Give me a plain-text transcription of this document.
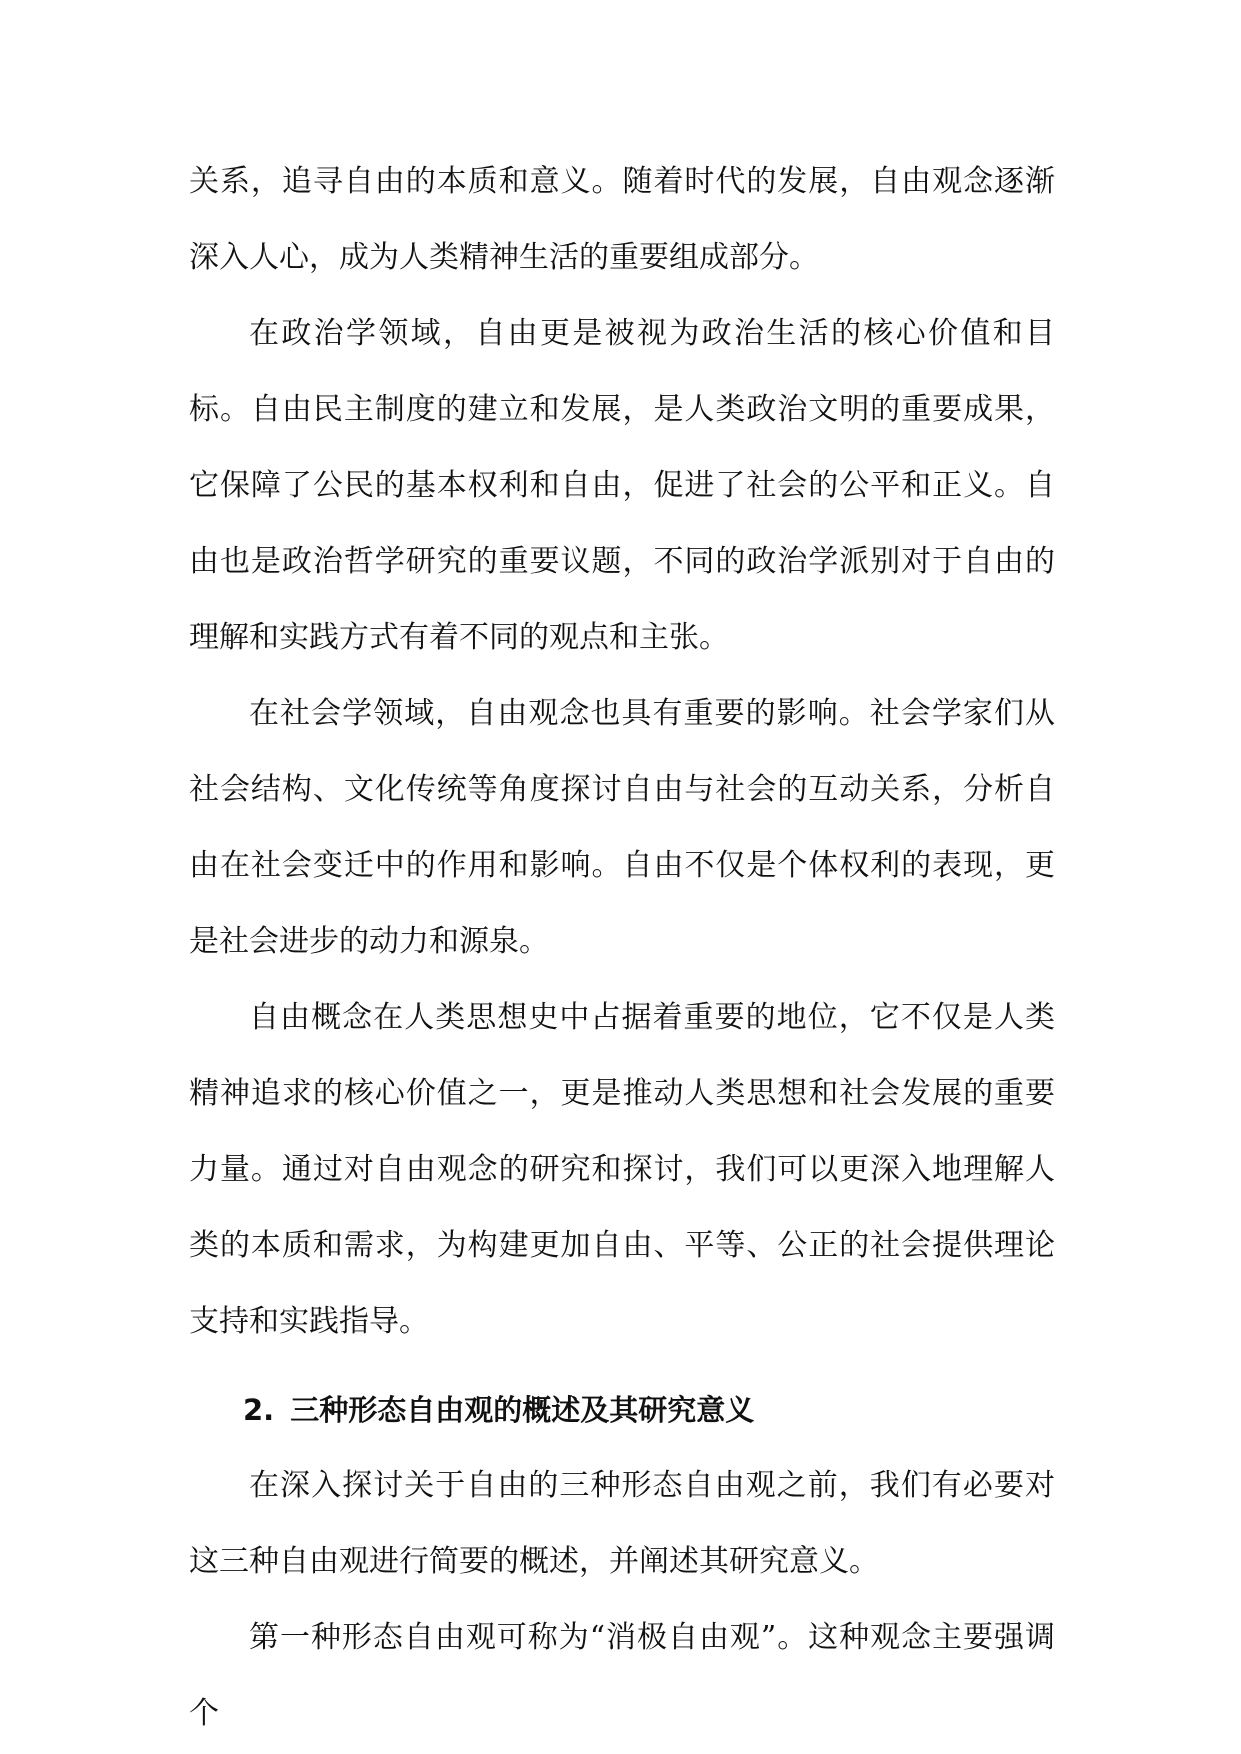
关系，追寻自由的本质和意义。随着时代的发展，自由观念逐渐深入人心，成为人类精神生活的重要组成部分。

在政治学领域，自由更是被视为政治生活的核心价值和目标。自由民主制度的建立和发展，是人类政治文明的重要成果，它保障了公民的基本权利和自由，促进了社会的公平和正义。自由也是政治哲学研究的重要议题，不同的政治学派别对于自由的理解和实践方式有着不同的观点和主张。

在社会学领域，自由观念也具有重要的影响。社会学家们从社会结构、文化传统等角度探讨自由与社会的互动关系，分析自由在社会变迁中的作用和影响。自由不仅是个体权利的表现，更是社会进步的动力和源泉。

自由概念在人类思想史中占据着重要的地位，它不仅是人类精神追求的核心价值之一，更是推动人类思想和社会发展的重要力量。通过对自由观念的研究和探讨，我们可以更深入地理解人类的本质和需求，为构建更加自由、平等、公正的社会提供理论支持和实践指导。

2. 三种形态自由观的概述及其研究意义

在深入探讨关于自由的三种形态自由观之前，我们有必要对这三种自由观进行简要的概述，并阐述其研究意义。

第一种形态自由观可称为“消极自由观”。这种观念主要强调个
